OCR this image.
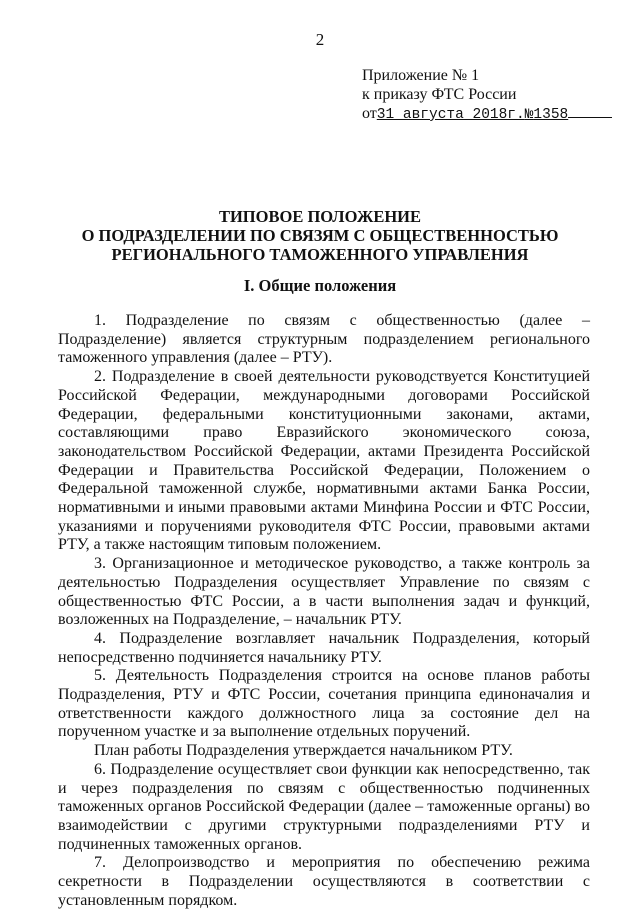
2
Приложение № 1
к приказу ФТС России
от31 августа 2018г.№1358
ТИПОВОЕ ПОЛОЖЕНИЕ
О ПОДРАЗДЕЛЕНИИ ПО СВЯЗЯМ С ОБЩЕСТВЕННОСТЬЮ
РЕГИОНАЛЬНОГО ТАМОЖЕННОГО УПРАВЛЕНИЯ
I. Общие положения

1. Подразделение по связям с общественностью (далее – Подразделение) является структурным подразделением регионального таможенного управления (далее – РТУ).

2. Подразделение в своей деятельности руководствуется Конституцией Российской Федерации, международными договорами Российской Федерации, федеральными конституционными законами, актами, составляющими право Евразийского экономического союза, законодательством Российской Федерации, актами Президента Российской Федерации и Правительства Российской Федерации, Положением о Федеральной таможенной службе, нормативными актами Банка России, нормативными и иными правовыми актами Минфина России и ФТС России, указаниями и поручениями руководителя ФТС России, правовыми актами РТУ, а также настоящим типовым положением.

3. Организационное и методическое руководство, а также контроль за деятельностью Подразделения осуществляет Управление по связям с общественностью ФТС России, а в части выполнения задач и функций, возложенных на Подразделение, – начальник РТУ.

4. Подразделение возглавляет начальник Подразделения, который непосредственно подчиняется начальнику РТУ.

5. Деятельность Подразделения строится на основе планов работы Подразделения, РТУ и ФТС России, сочетания принципа единоначалия и ответственности каждого должностного лица за состояние дел на порученном участке и за выполнение отдельных поручений.

План работы Подразделения утверждается начальником РТУ.

6. Подразделение осуществляет свои функции как непосредственно, так и через подразделения по связям с общественностью подчиненных таможенных органов Российской Федерации (далее – таможенные органы) во взаимодействии с другими структурными подразделениями РТУ и подчиненных таможенных органов.

7. Делопроизводство и мероприятия по обеспечению режима секретности в Подразделении осуществляются в соответствии с установленным порядком.
